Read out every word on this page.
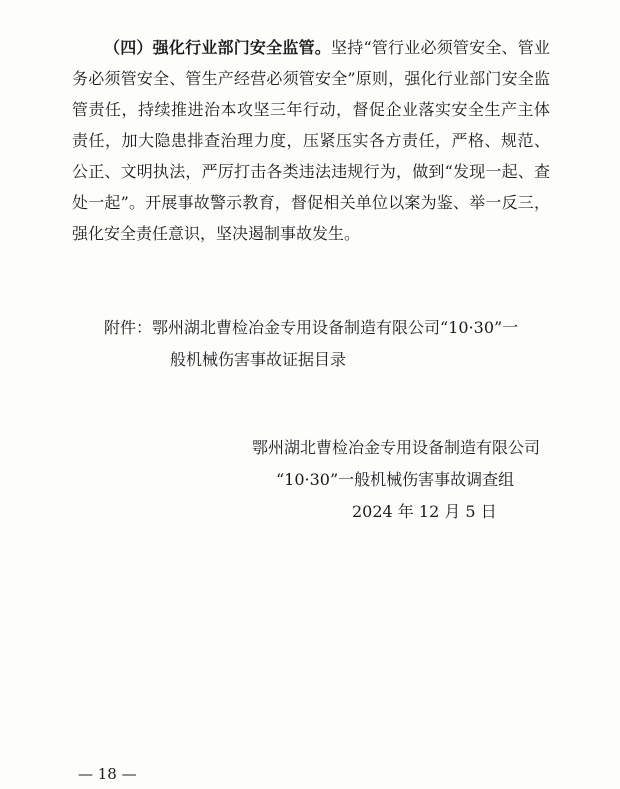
（四）强化行业部门安全监管。坚持“管行业必须管安全、管业务必须管安全、管生产经营必须管安全”原则，强化行业部门安全监管责任，持续推进治本攻坚三年行动，督促企业落实安全生产主体责任，加大隐患排查治理力度，压紧压实各方责任，严格、规范、公正、文明执法，严厉打击各类违法违规行为，做到“发现一起、查处一起”。开展事故警示教育，督促相关单位以案为鉴、举一反三，强化安全责任意识，坚决遏制事故发生。

附件： 鄂州湖北曹检冶金专用设备制造有限公司“10·30”一
般机械伤害事故证据目录
鄂州湖北曹检冶金专用设备制造有限公司
“10·30”一般机械伤害事故调查组
2024 年 12 月 5 日
— 18 —
